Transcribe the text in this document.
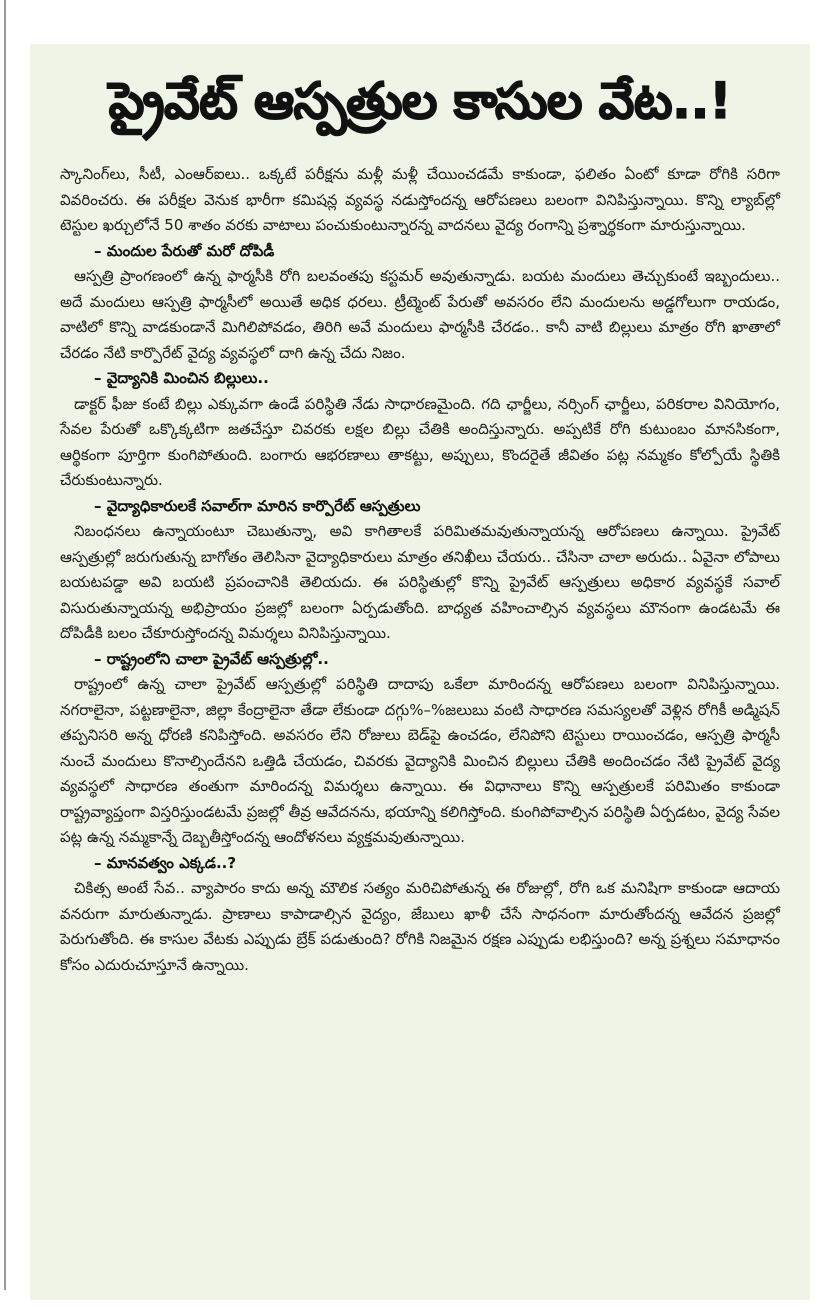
ప్రైవేట్ ఆస్పత్రుల కాసుల వేట..!

స్కానింగ్‌లు, సీటీ, ఎంఆర్ఐలు.. ఒక్కటే పరీక్షను మళ్లీ మళ్లీ చేయించడమే కాకుండా, ఫలితం ఏంటో కూడా రోగికి సరిగా వివరించరు. ఈ పరీక్షల వెనుక భారీగా కమిషన్ల వ్యవస్థ నడుస్తోందన్న ఆరోపణలు బలంగా వినిపిస్తున్నాయి. కొన్ని ల్యాబ్‌ల్లో టెస్టుల ఖర్చులోనే 50 శాతం వరకు వాటాలు పంచుకుంటున్నారన్న వాదనలు వైద్య రంగాన్ని ప్రశ్నార్థకంగా మారుస్తున్నాయి.

– మందుల పేరుతో మరో దోపిడీ

ఆస్పత్రి ప్రాంగణంలో ఉన్న ఫార్మసీకి రోగి బలవంతపు కస్టమర్ అవుతున్నాడు. బయట మందులు తెచ్చుకుంటే ఇబ్బందులు.. అదే మందులు ఆస్పత్రి ఫార్మసీలో అయితే అధిక ధరలు. ట్రీట్మెంట్ పేరుతో అవసరం లేని మందులను అడ్డగోలుగా రాయడం, వాటిలో కొన్ని వాడకుండానే మిగిలిపోవడం, తిరిగి అవే మందులు ఫార్మసీకి చేరడం.. కానీ వాటి బిల్లులు మాత్రం రోగి ఖాతాలో చేరడం నేటి కార్పొరేట్ వైద్య వ్యవస్థలో దాగి ఉన్న చేదు నిజం.

– వైద్యానికి మించిన బిల్లులు..

డాక్టర్ ఫీజు కంటే బిల్లు ఎక్కువగా ఉండే పరిస్థితి నేడు సాధారణమైంది. గది ఛార్జీలు, నర్సింగ్ ఛార్జీలు, పరికరాల వినియోగం, సేవల పేరుతో ఒక్కొక్కటిగా జతచేస్తూ చివరకు లక్షల బిల్లు చేతికి అందిస్తున్నారు. అప్పటికే రోగి కుటుంబం మానసికంగా, ఆర్థికంగా పూర్తిగా కుంగిపోతుంది. బంగారు ఆభరణాలు తాకట్టు, అప్పులు, కొందరైతే జీవితం పట్ల నమ్మకం కోల్పోయే స్థితికి చేరుకుంటున్నారు.

– వైద్యాధికారులకే సవాల్‌గా మారిన కార్పొరేట్ ఆస్పత్రులు

నిబంధనలు ఉన్నాయంటూ చెబుతున్నా, అవి కాగితాలకే పరిమితమవుతున్నాయన్న ఆరోపణలు ఉన్నాయి. ప్రైవేట్ ఆస్పత్రుల్లో జరుగుతున్న బాగోతం తెలిసినా వైద్యాధికారులు మాత్రం తనిఖీలు చేయరు.. చేసినా చాలా అరుదు.. ఏవైనా లోపాలు బయటపడ్డా అవి బయటి ప్రపంచానికి తెలియదు. ఈ పరిస్థితుల్లో కొన్ని ప్రైవేట్ ఆస్పత్రులు అధికార వ్యవస్థకే సవాల్ విసురుతున్నాయన్న అభిప్రాయం ప్రజల్లో బలంగా ఏర్పడుతోంది. బాధ్యత వహించాల్సిన వ్యవస్థలు మౌనంగా ఉండటమే ఈ దోపిడీకి బలం చేకూరుస్తోందన్న విమర్శలు వినిపిస్తున్నాయి.

– రాష్ట్రంలోని చాలా ప్రైవేట్ ఆస్పత్రుల్లో..

రాష్ట్రంలో ఉన్న చాలా ప్రైవేట్ ఆస్పత్రుల్లో పరిస్థితి దాదాపు ఒకేలా మారిందన్న ఆరోపణలు బలంగా వినిపిస్తున్నాయి. నగరాలైనా, పట్టణాలైనా, జిల్లా కేంద్రాలైనా తేడా లేకుండా దగ్గు%–%జలుబు వంటి సాధారణ సమస్యలతో వెళ్లిన రోగికీ అడ్మిషన్ తప్పనిసరి అన్న ధోరణి కనిపిస్తోంది. అవసరం లేని రోజులు బెడ్‌పై ఉంచడం, లేనిపోని టెస్టులు రాయించడం, ఆస్పత్రి ఫార్మసీ నుంచే మందులు కొనాల్సిందేనని ఒత్తిడి చేయడం, చివరకు వైద్యానికి మించిన బిల్లులు చేతికి అందించడం నేటి ప్రైవేట్ వైద్య వ్యవస్థలో సాధారణ తంతుగా మారిందన్న విమర్శలు ఉన్నాయి. ఈ విధానాలు కొన్ని ఆస్పత్రులకే పరిమితం కాకుండా రాష్ట్రవ్యాప్తంగా విస్తరిస్తుండటమే ప్రజల్లో తీవ్ర ఆవేదనను, భయాన్ని కలిగిస్తోంది. కుంగిపోవాల్సిన పరిస్థితి ఏర్పడటం, వైద్య సేవల పట్ల ఉన్న నమ్మకాన్నే దెబ్బతీస్తోందన్న ఆందోళనలు వ్యక్తమవుతున్నాయి.

– మానవత్వం ఎక్కడ..?

చికిత్స అంటే సేవ.. వ్యాపారం కాదు అన్న మౌలిక సత్యం మరిచిపోతున్న ఈ రోజుల్లో, రోగి ఒక మనిషిగా కాకుండా ఆదాయ వనరుగా మారుతున్నాడు. ప్రాణాలు కాపాడాల్సిన వైద్యం, జేబులు ఖాళీ చేసే సాధనంగా మారుతోందన్న ఆవేదన ప్రజల్లో పెరుగుతోంది. ఈ కాసుల వేటకు ఎప్పుడు బ్రేక్ పడుతుంది? రోగికి నిజమైన రక్షణ ఎప్పుడు లభిస్తుంది? అన్న ప్రశ్నలు సమాధానం కోసం ఎదురుచూస్తూనే ఉన్నాయి.
